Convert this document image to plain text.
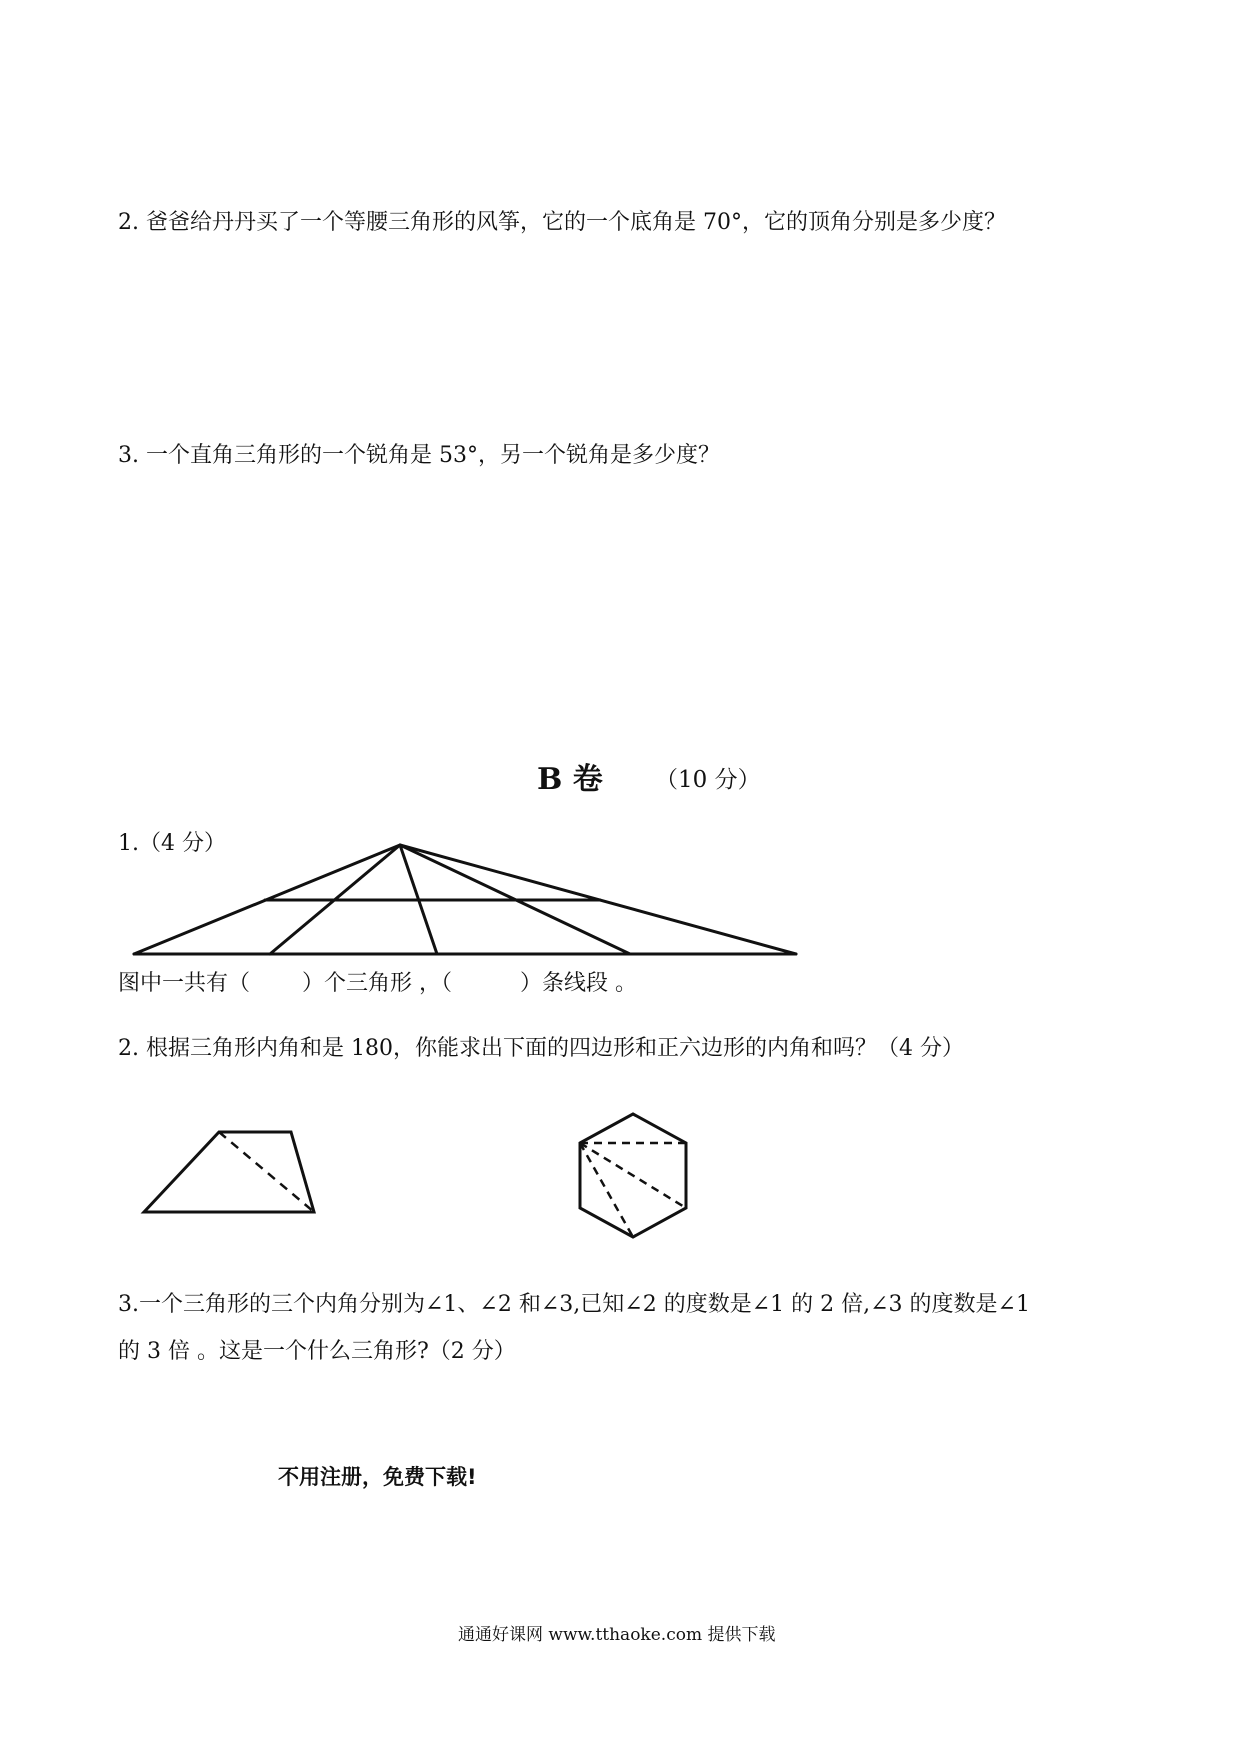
2. 爸爸给丹丹买了一个等腰三角形的风筝，它的一个底角是 70°，它的顶角分别是多少度？
3. 一个直角三角形的一个锐角是 53°，另一个锐角是多少度？
B 卷 （10 分）
1.（4 分）
图中一共有（ ）个三角形 ，（	）条线段 。
2. 根据三角形内角和是 180，你能求出下面的四边形和正六边形的内角和吗？（4 分）
3.一个三角形的三个内角分别为∠1、∠2 和∠3,已知∠2 的度数是∠1 的 2 倍,∠3 的度数是∠1
的 3 倍 。这是一个什么三角形?（2 分）
不用注册，免费下载!
通通好课网 www.tthaoke.com 提供下载
